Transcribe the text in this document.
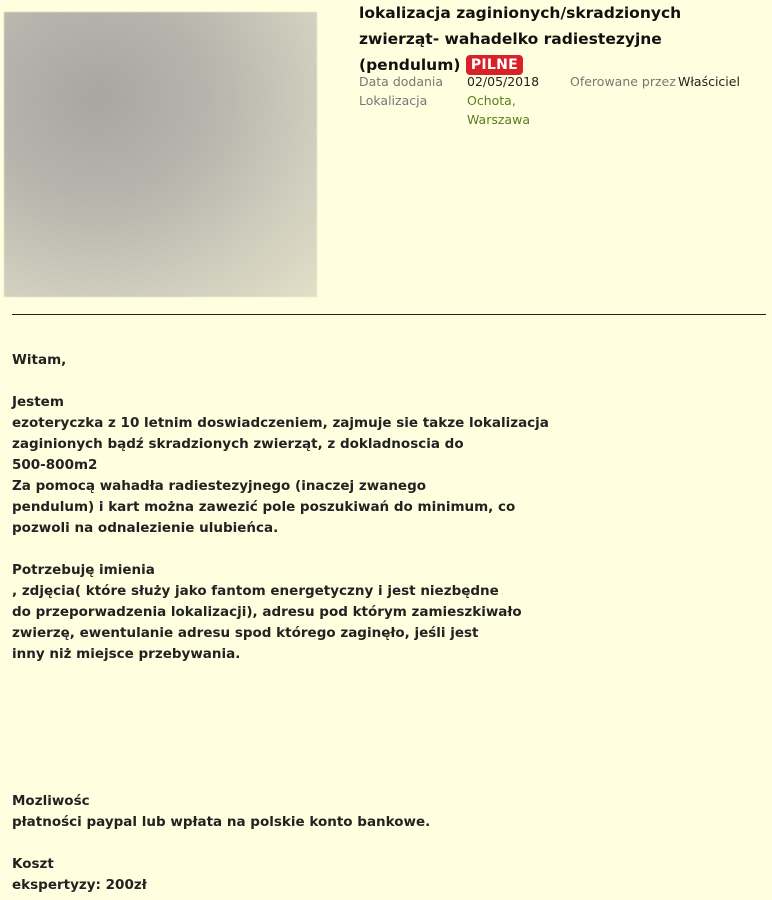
lokalizacja zaginionych/skradzionych zwierząt- wahadelko radiestezyjne (pendulum) PILNE
Data dodania 02/05/2018 Oferowane przez Właściciel
Lokalizacja	Ochota,
Warszawa

Witam,

Jestem
ezoteryczka z 10 letnim doswiadczeniem, zajmuje sie takze lokalizacja
zaginionych bądź skradzionych zwierząt, z dokladnoscia do
500-800m2
Za pomocą wahadła radiestezyjnego (inaczej zwanego
pendulum) i kart można zawezić pole poszukiwań do minimum, co
pozwoli na odnalezienie ulubieńca.

Potrzebuję imienia
, zdjęcia( które służy jako fantom energetyczny i jest niezbędne
do przeporwadzenia lokalizacji), adresu pod którym zamieszkiwało
zwierzę, ewentulanie adresu spod którego zaginęło, jeśli jest
inny niż miejsce przebywania.

Mozliwośc
płatności paypal lub wpłata na polskie konto bankowe.

Koszt
ekspertyzy: 200zł
